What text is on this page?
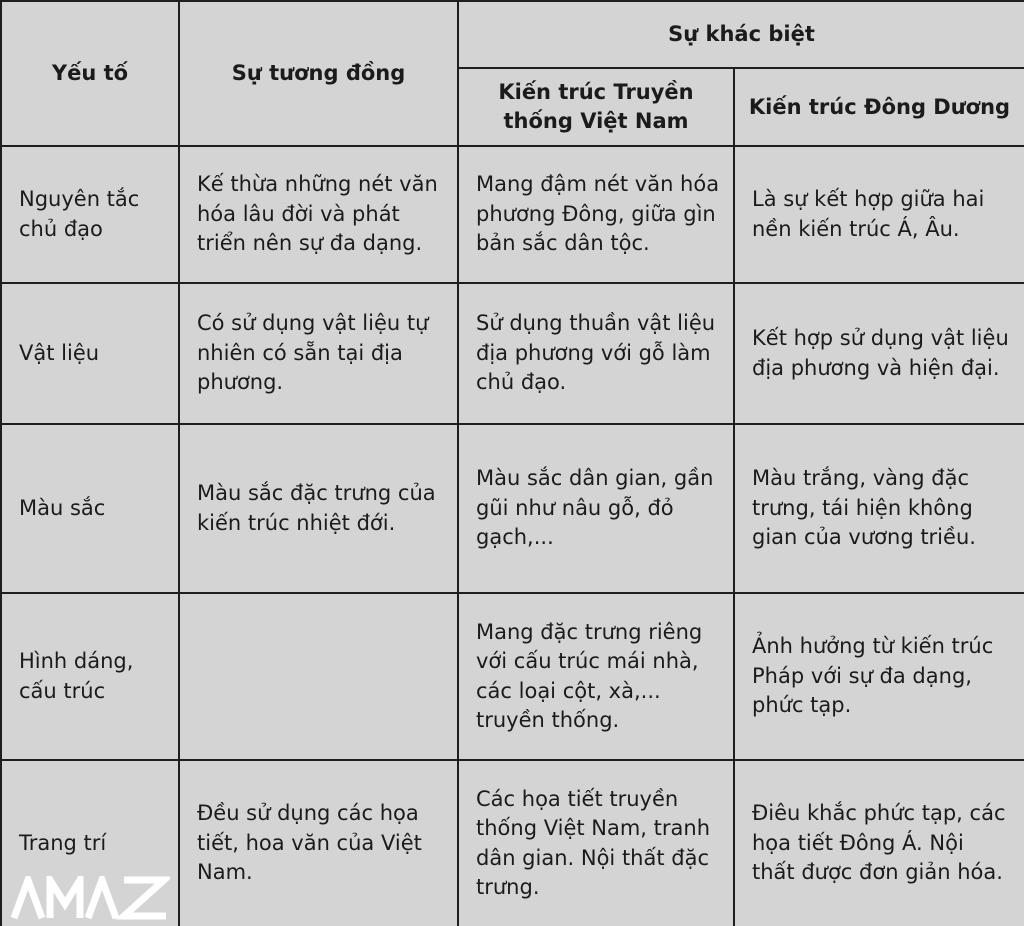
Yếu tố	Sự tương đồng	Sự khác biệt	
		Kiến trúc Truyền thống Việt Nam	Kiến trúc Đông Dương
Nguyên tắc chủ đạo	Kế thừa những nét văn hóa lâu đời và phát triển nên sự đa dạng.	Mang đậm nét văn hóa phương Đông, giữa gìn bản sắc dân tộc.	Là sự kết hợp giữa hai nền kiến trúc Á, Âu.
Vật liệu	Có sử dụng vật liệu tự nhiên có sẵn tại địa phương.	Sử dụng thuần vật liệu địa phương với gỗ làm chủ đạo.	Kết hợp sử dụng vật liệu địa phương và hiện đại.
Màu sắc	Màu sắc đặc trưng của kiến trúc nhiệt đới.	Màu sắc dân gian, gần gũi như nâu gỗ, đỏ gạch,...	Màu trắng, vàng đặc trưng, tái hiện không gian của vương triều.
Hình dáng, cấu trúc		Mang đặc trưng riêng với cấu trúc mái nhà, các loại cột, xà,... truyền thống.	Ảnh hưởng từ kiến trúc Pháp với sự đa dạng, phức tạp.
Trang trí	Đều sử dụng các họa tiết, hoa văn của Việt Nam.	Các họa tiết truyền thống Việt Nam, tranh dân gian. Nội thất đặc trưng.	Điêu khắc phức tạp, các họa tiết Đông Á. Nội thất được đơn giản hóa.
